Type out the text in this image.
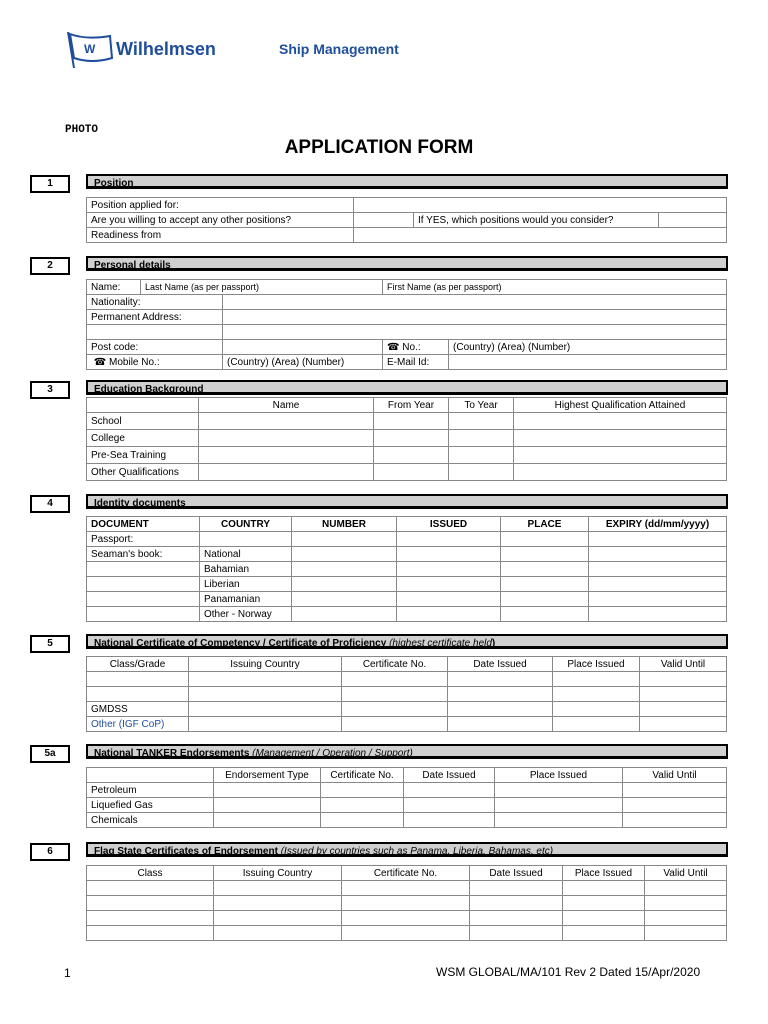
W Wilhelmsen	Ship Management
PHOTO
APPLICATION FORM
1	Position
Position applied for:			
Are you willing to accept any other positions?		If YES, which positions would you consider?	
Readiness from			
2	Personal details
Name:	Last Name (as per passport)		First Name (as per passport)	
Nationality:				
Permanent Address:				

Post code:			☎ No.:	(Country) (Area) (Number)
☎ Mobile No.:		(Country) (Area) (Number)	E-Mail Id:	
3	Education Background
	Name	From Year	To Year	Highest Qualification Attained
School				
College				
Pre-Sea Training				
Other Qualifications				
4	Identity documents
DOCUMENT	COUNTRY	NUMBER	ISSUED	PLACE	EXPIRY (dd/mm/yyyy)
Passport:					
Seaman's book:	National				
	Bahamian				
	Liberian				
	Panamanian				
	Other - Norway				
5	National Certificate of Competency / Certificate of Proficiency (highest certificate held)
Class/Grade	Issuing Country	Certificate No.	Date Issued	Place Issued	Valid Until

GMDSS					
Other (IGF CoP)					
5a	National TANKER Endorsements (Management / Operation / Support)
	Endorsement Type	Certificate No.	Date Issued	Place Issued	Valid Until
Petroleum					
Liquefied Gas					
Chemicals					
6	Flag State Certificates of Endorsement (Issued by countries such as Panama, Liberia, Bahamas, etc)
Class	Issuing Country	Certificate No.	Date Issued	Place Issued	Valid Until

1	WSM GLOBAL/MA/101 Rev 2 Dated 15/Apr/2020
